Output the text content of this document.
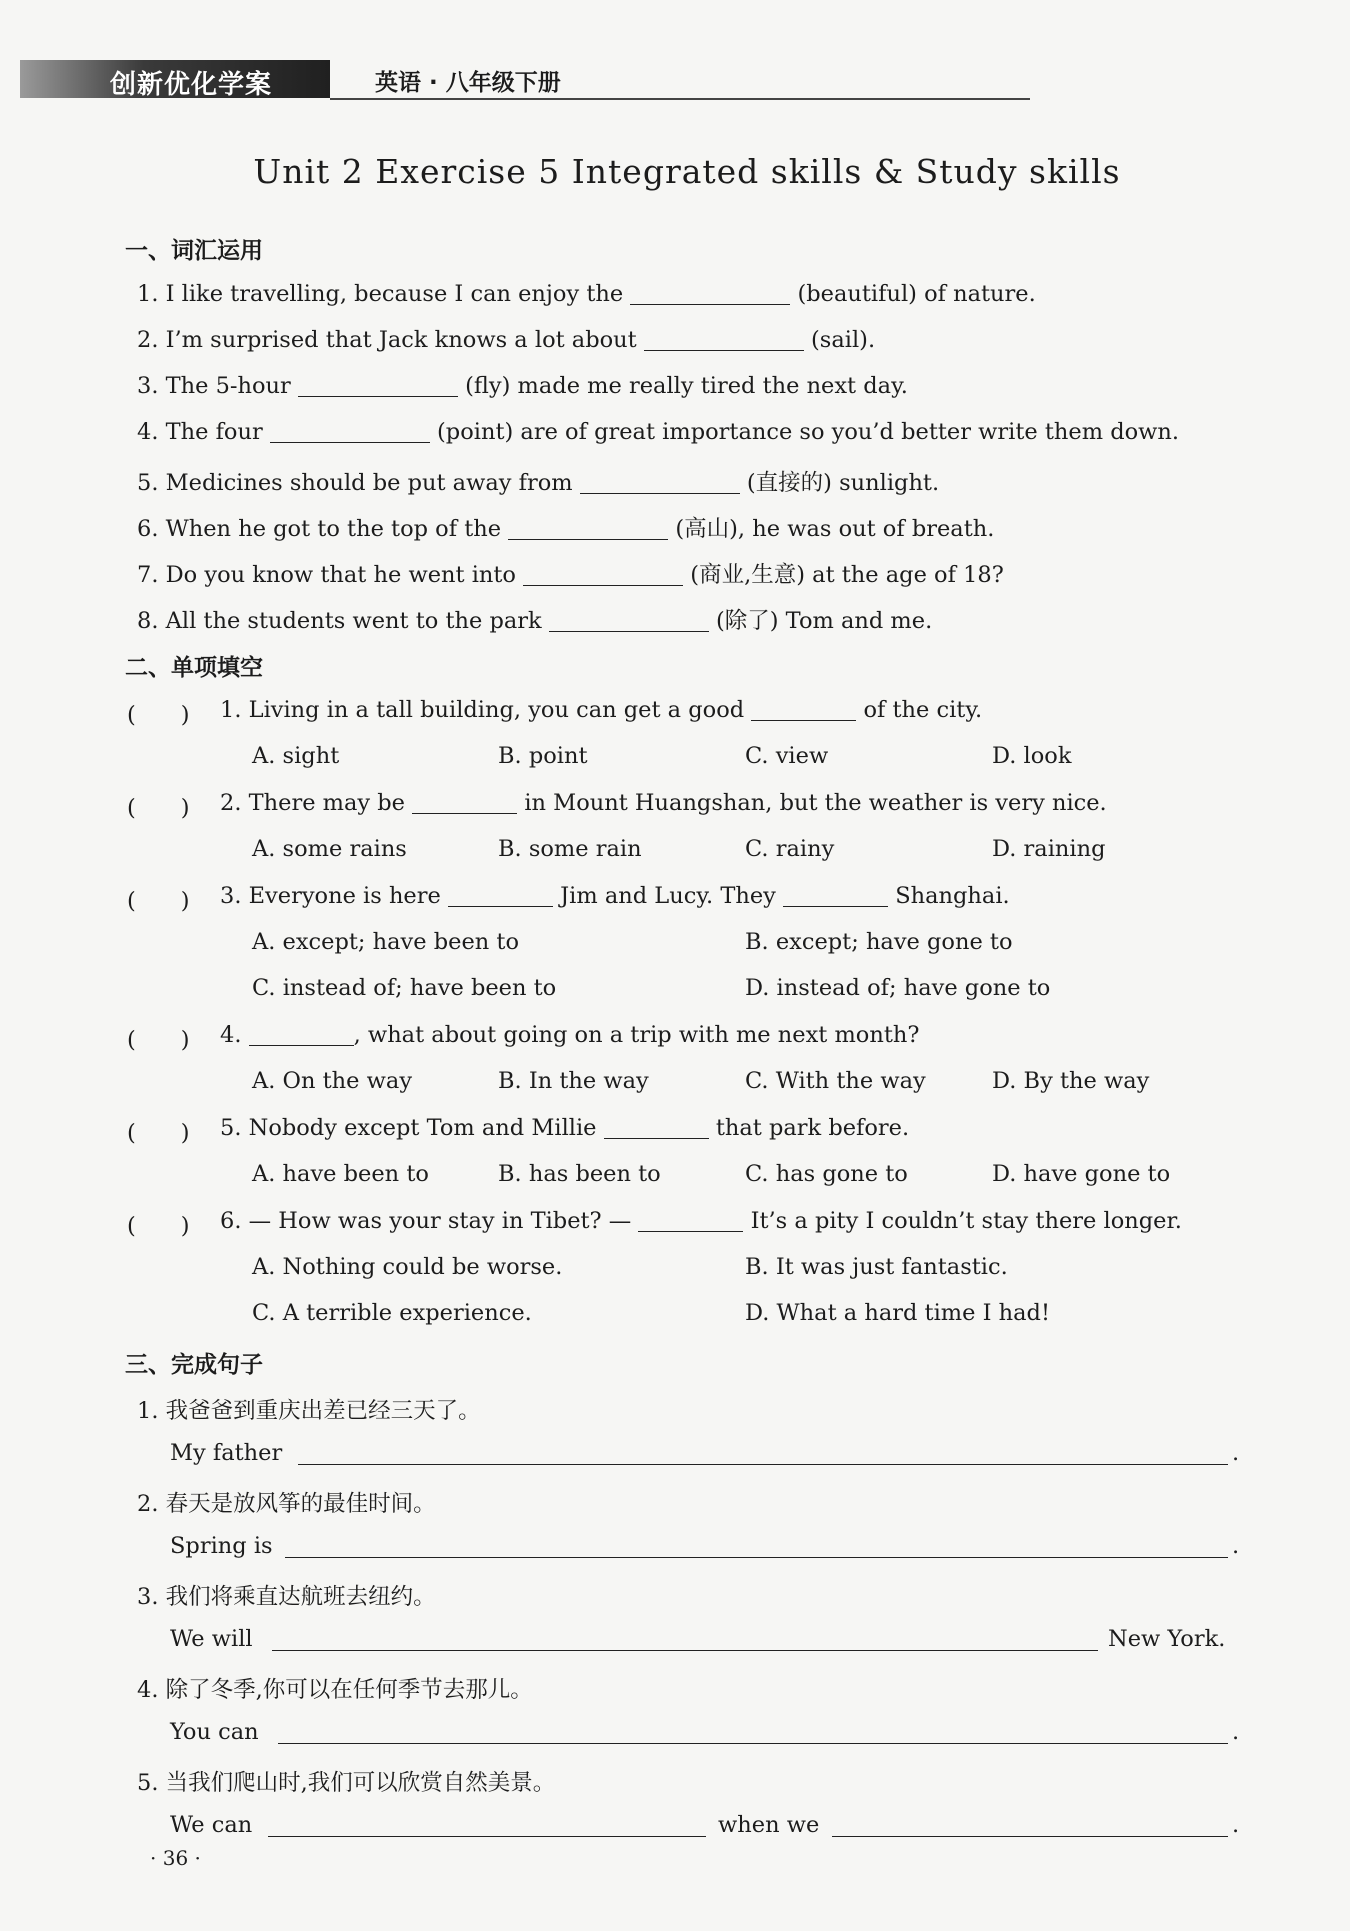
创新优化学案	英语 · 八年级下册
Unit 2 Exercise 5 Integrated skills & Study skills
一、词汇运用
1. I like travelling, because I can enjoy the	(beautiful) of nature.
2. I’m surprised that Jack knows a lot about	(sail).
3. The 5-hour	(fly) made me really tired the next day.
4. The four	(point) are of great importance so you’d better write them down.
5. Medicines should be put away from	(直接的) sunlight.
6. When he got to the top of the	(高山), he was out of breath.
7. Do you know that he went into	(商业,生意) at the age of 18?
8. All the students went to the park	(除了) Tom and me.
二、单项填空
(　　) 1. Living in a tall building, you can get a good	of the city.
A. sight	B. point	C. view	D. look
(　　) 2. There may be	in Mount Huangshan, but the weather is very nice.
A. some rains	B. some rain	C. rainy	D. raining
(　　) 3. Everyone is here	Jim and Lucy. They	Shanghai.
A. except; have been to	B. except; have gone to
C. instead of; have been to	D. instead of; have gone to
(　　) 4.	, what about going on a trip with me next month?
A. On the way	B. In the way	C. With the way	D. By the way
(　　) 5. Nobody except Tom and Millie	that park before.
A. have been to	B. has been to	C. has gone to	D. have gone to
(　　) 6. — How was your stay in Tibet? —	It’s a pity I couldn’t stay there longer.
A. Nothing could be worse.	B. It was just fantastic.
C. A terrible experience.	D. What a hard time I had!
三、完成句子
1. 我爸爸到重庆出差已经三天了。
My father	.
2. 春天是放风筝的最佳时间。
Spring is	.
3. 我们将乘直达航班去纽约。
We will	New York.
4. 除了冬季,你可以在任何季节去那儿。
You can	.
5. 当我们爬山时,我们可以欣赏自然美景。
We can	when we	.
· 36 ·
